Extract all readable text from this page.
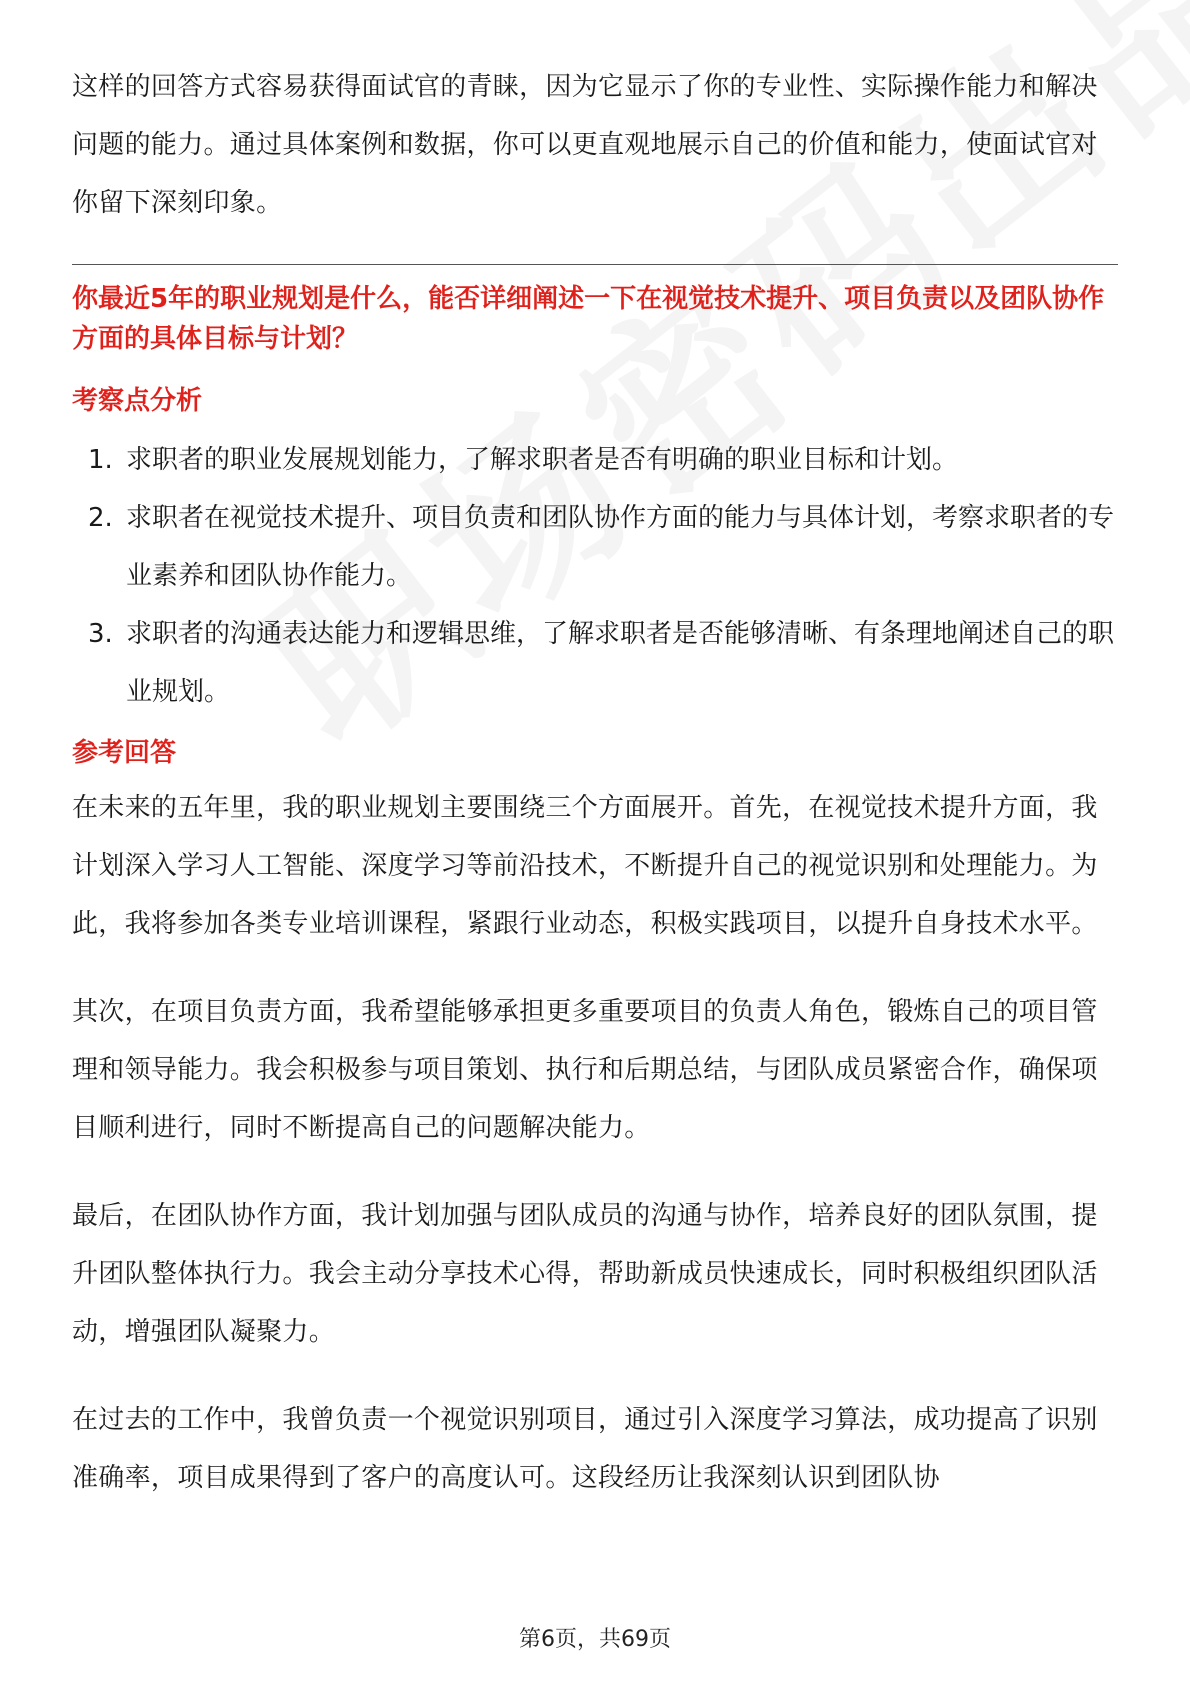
这样的回答方式容易获得面试官的青睐，因为它显示了你的专业性、实际操作能力和解决问题的能力。通过具体案例和数据，你可以更直观地展示自己的价值和能力，使面试官对你留下深刻印象。

你最近5年的职业规划是什么，能否详细阐述一下在视觉技术提升、项目负责以及团队协作方面的具体目标与计划？

考察点分析

1. 求职者的职业发展规划能力，了解求职者是否有明确的职业目标和计划。
2. 求职者在视觉技术提升、项目负责和团队协作方面的能力与具体计划，考察求职者的专业素养和团队协作能力。
3. 求职者的沟通表达能力和逻辑思维，了解求职者是否能够清晰、有条理地阐述自己的职业规划。

参考回答

在未来的五年里，我的职业规划主要围绕三个方面展开。首先，在视觉技术提升方面，我计划深入学习人工智能、深度学习等前沿技术，不断提升自己的视觉识别和处理能力。为此，我将参加各类专业培训课程，紧跟行业动态，积极实践项目，以提升自身技术水平。

其次，在项目负责方面，我希望能够承担更多重要项目的负责人角色，锻炼自己的项目管理和领导能力。我会积极参与项目策划、执行和后期总结，与团队成员紧密合作，确保项目顺利进行，同时不断提高自己的问题解决能力。

最后，在团队协作方面，我计划加强与团队成员的沟通与协作，培养良好的团队氛围，提升团队整体执行力。我会主动分享技术心得，帮助新成员快速成长，同时积极组织团队活动，增强团队凝聚力。

在过去的工作中，我曾负责一个视觉识别项目，通过引入深度学习算法，成功提高了识别准确率，项目成果得到了客户的高度认可。这段经历让我深刻认识到团队协

第6页，共69页
